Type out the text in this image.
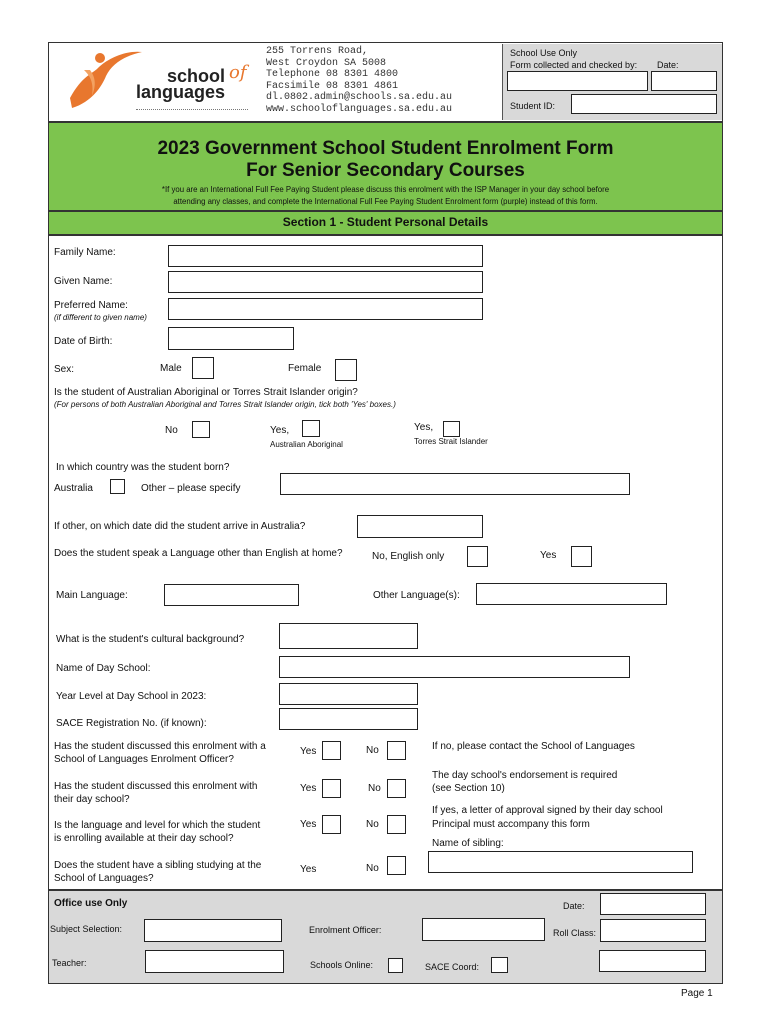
school of
languages
255 Torrens Road,
West Croydon SA 5008
Telephone 08 8301 4800
Facsimile 08 8301 4861
dl.0802.admin@schools.sa.edu.au
www.schooloflanguages.sa.edu.au
School Use Only
Form collected and checked by: Date:
Student ID:
2023 Government School Student Enrolment Form
For Senior Secondary Courses
*If you are an International Full Fee Paying Student please discuss this enrolment with the ISP Manager in your day school before
attending any classes, and complete the International Full Fee Paying Student Enrolment form (purple) instead of this form.
Section 1 - Student Personal Details
Family Name:
Given Name:
Preferred Name:
(if different to given name)
Date of Birth:
Sex:	Male	Female
Is the student of Australian Aboriginal or Torres Strait Islander origin?
(For persons of both Australian Aboriginal and Torres Strait Islander origin, tick both 'Yes' boxes.)
No	Yes,
Australian Aboriginal
Yes,
Torres Strait Islander
In which country was the student born?
Australia	Other – please specify
If other, on which date did the student arrive in Australia?
Does the student speak a Language other than English at home?	No, English only	Yes
Main Language:	Other Language(s):
What is the student's cultural background?
Name of Day School:
Year Level at Day School in 2023:
SACE Registration No. (if known):
Has the student discussed this enrolment with a
School of Languages Enrolment Officer?
Yes	No	If no, please contact the School of Languages
Has the student discussed this enrolment with
their day school?
Yes	No
The day school's endorsement is required
(see Section 10)
Is the language and level for which the student
is enrolling available at their day school?
Yes	No
If yes, a letter of approval signed by their day school
Principal must accompany this form
Does the student have a sibling studying at the
School of Languages?
Yes	No
Name of sibling:
Office use Only	Date:
Subject Selection:	Enrolment Officer:	Roll Class:
Teacher:	Schools Online:	SACE Coord:
Page 1
